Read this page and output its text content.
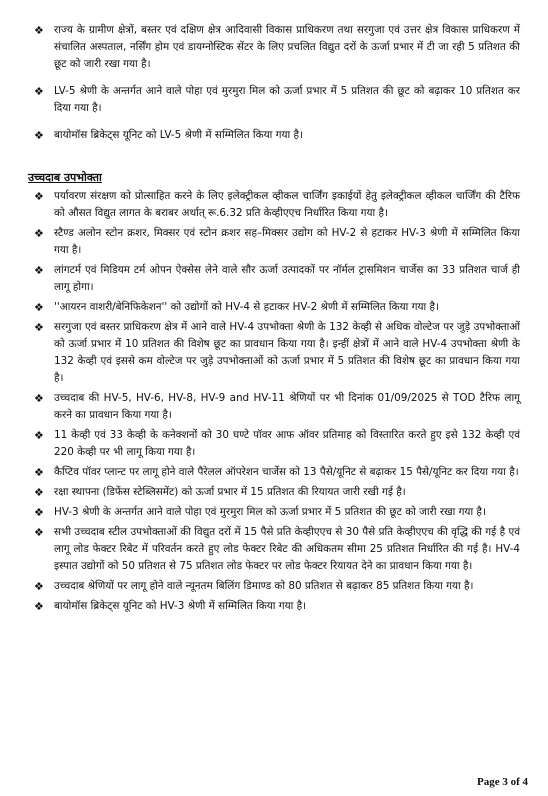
❖ राज्य के ग्रामीण क्षेत्रों, बस्तर एवं दक्षिण क्षेत्र आदिवासी विकास प्राधिकरण तथा सरगुजा एवं उत्तर क्षेत्र विकास प्राधिकरण में संचालित अस्पताल, नर्सिंग होम एवं डायग्नोस्टिक सेंटर के लिए प्रचलित विद्युत दरों के ऊर्जा प्रभार में टी जा रही 5 प्रतिशत की छूट को जारी रखा गया है।
❖ LV-5 श्रेणी के अन्तर्गत आने वाले पोहा एवं मुरमुरा मिल को ऊर्जा प्रभार में 5 प्रतिशत की छूट को बढ़ाकर 10 प्रतिशत कर दिया गया है।
❖ बायोमॉस ब्रिकेट्स यूनिट को LV-5 श्रेणी में सम्मिलित किया गया है।
उच्चदाब उपभोक्ता
❖ पर्यावरण संरक्षण को प्रोत्साहित करने के लिए इलेक्ट्रीकल व्हीकल चार्जिंग इकाईयों हेतु इलेक्ट्रीकल व्हीकल चार्जिंग की टैरिफ को औसत विद्युत लागत के बराबर अर्थात् रू.6.32 प्रति केव्हीएएच निर्धारित किया गया है।
❖ स्टैण्ड अलोन स्टोन क्रशर, मिक्सर एवं स्टोन क्रशर सह–मिक्सर उद्योग को HV-2 से हटाकर HV-3 श्रेणी में सम्मिलित किया गया है।
❖ लांगटर्म एवं मिडियम टर्म ओपन ऐक्सेस लेने वाले सौर ऊर्जा उत्पादकों पर नॉर्मल ट्रासमिशन चार्जेस का 33 प्रतिशत चार्ज ही लागू होगा।
❖ ''आयरन वाशरी/बेनिफिकेशन'' को उद्योगों को HV-4 से हटाकर HV-2 श्रेणी में सम्मिलित किया गया है।
❖ सरगुजा एवं बस्तर प्राधिकरण क्षेत्र में आने वाले HV-4 उपभोक्ता श्रेणी के 132 केव्ही से अधिक वोल्टेज पर जुड़े उपभोक्ताओं को ऊर्जा प्रभार में 10 प्रतिशत की विशेष छूट का प्रावधान किया गया है। इन्हीं क्षेत्रों में आने वाले HV-4 उपभोक्ता श्रेणी के 132 केव्ही एवं इससे कम वोल्टेज पर जुड़े उपभोक्ताओं को ऊर्जा प्रभार में 5 प्रतिशत की विशेष छूट का प्रावधान किया गया है।
❖ उच्चदाब की HV-5, HV-6, HV-8, HV-9 and HV-11 श्रेणियों पर भी दिनांक 01/09/2025 से TOD टैरिफ लागू करने का प्रावधान किया गया है।
❖ 11 केव्ही एवं 33 केव्ही के कनेक्शनों को 30 घण्टे पॉवर आफ ऑवर प्रतिमाह को विस्तारित करते हुए इसे 132 केव्ही एवं 220 केव्ही पर भी लागू किया गया है।
❖ कैप्टिव पॉवर प्लान्ट पर लागू होने वाले पैरेलल ऑपरेशन चार्जेस को 13 पैसे/यूनिट से बढ़ाकर 15 पैसे/यूनिट कर दिया गया है।
❖ रक्षा स्थापना (डिफेंस स्टेब्लिसमेंट) को ऊर्जा प्रभार में 15 प्रतिशत की रियायत जारी रखी गई है।
❖ HV-3 श्रेणी के अन्तर्गत आने वाले पोहा एवं मुरमुरा मिल को ऊर्जा प्रभार में 5 प्रतिशत की छूट को जारी रखा गया है।
❖ सभी उच्चदाब स्टील उपभोक्ताओं की विद्युत दरों में 15 पैसे प्रति केव्हीएएच से 30 पैसे प्रति केव्हीएएच की वृद्धि की गई है एवं लागू लोड फेक्टर रिबेट में परिवर्तन करते हुए लोड फेक्टर रिबेट की अधिकतम सीमा 25 प्रतिशत निर्धारित की गई है। HV-4 इस्पात उद्योगों को 50 प्रतिशत से 75 प्रतिशत लोड फेक्टर पर लोड फेक्टर रियायत देने का प्रावधान किया गया है।
❖ उच्चदाब श्रेणियों पर लागू होने वाले न्यूनतम बिलिंग डिमाण्ड को 80 प्रतिशत से बढ़ाकर 85 प्रतिशत किया गया है।
❖ बायोमॉस ब्रिकेट्स यूनिट को HV-3 श्रेणी में सम्मिलित किया गया है।
Page 3 of 4
